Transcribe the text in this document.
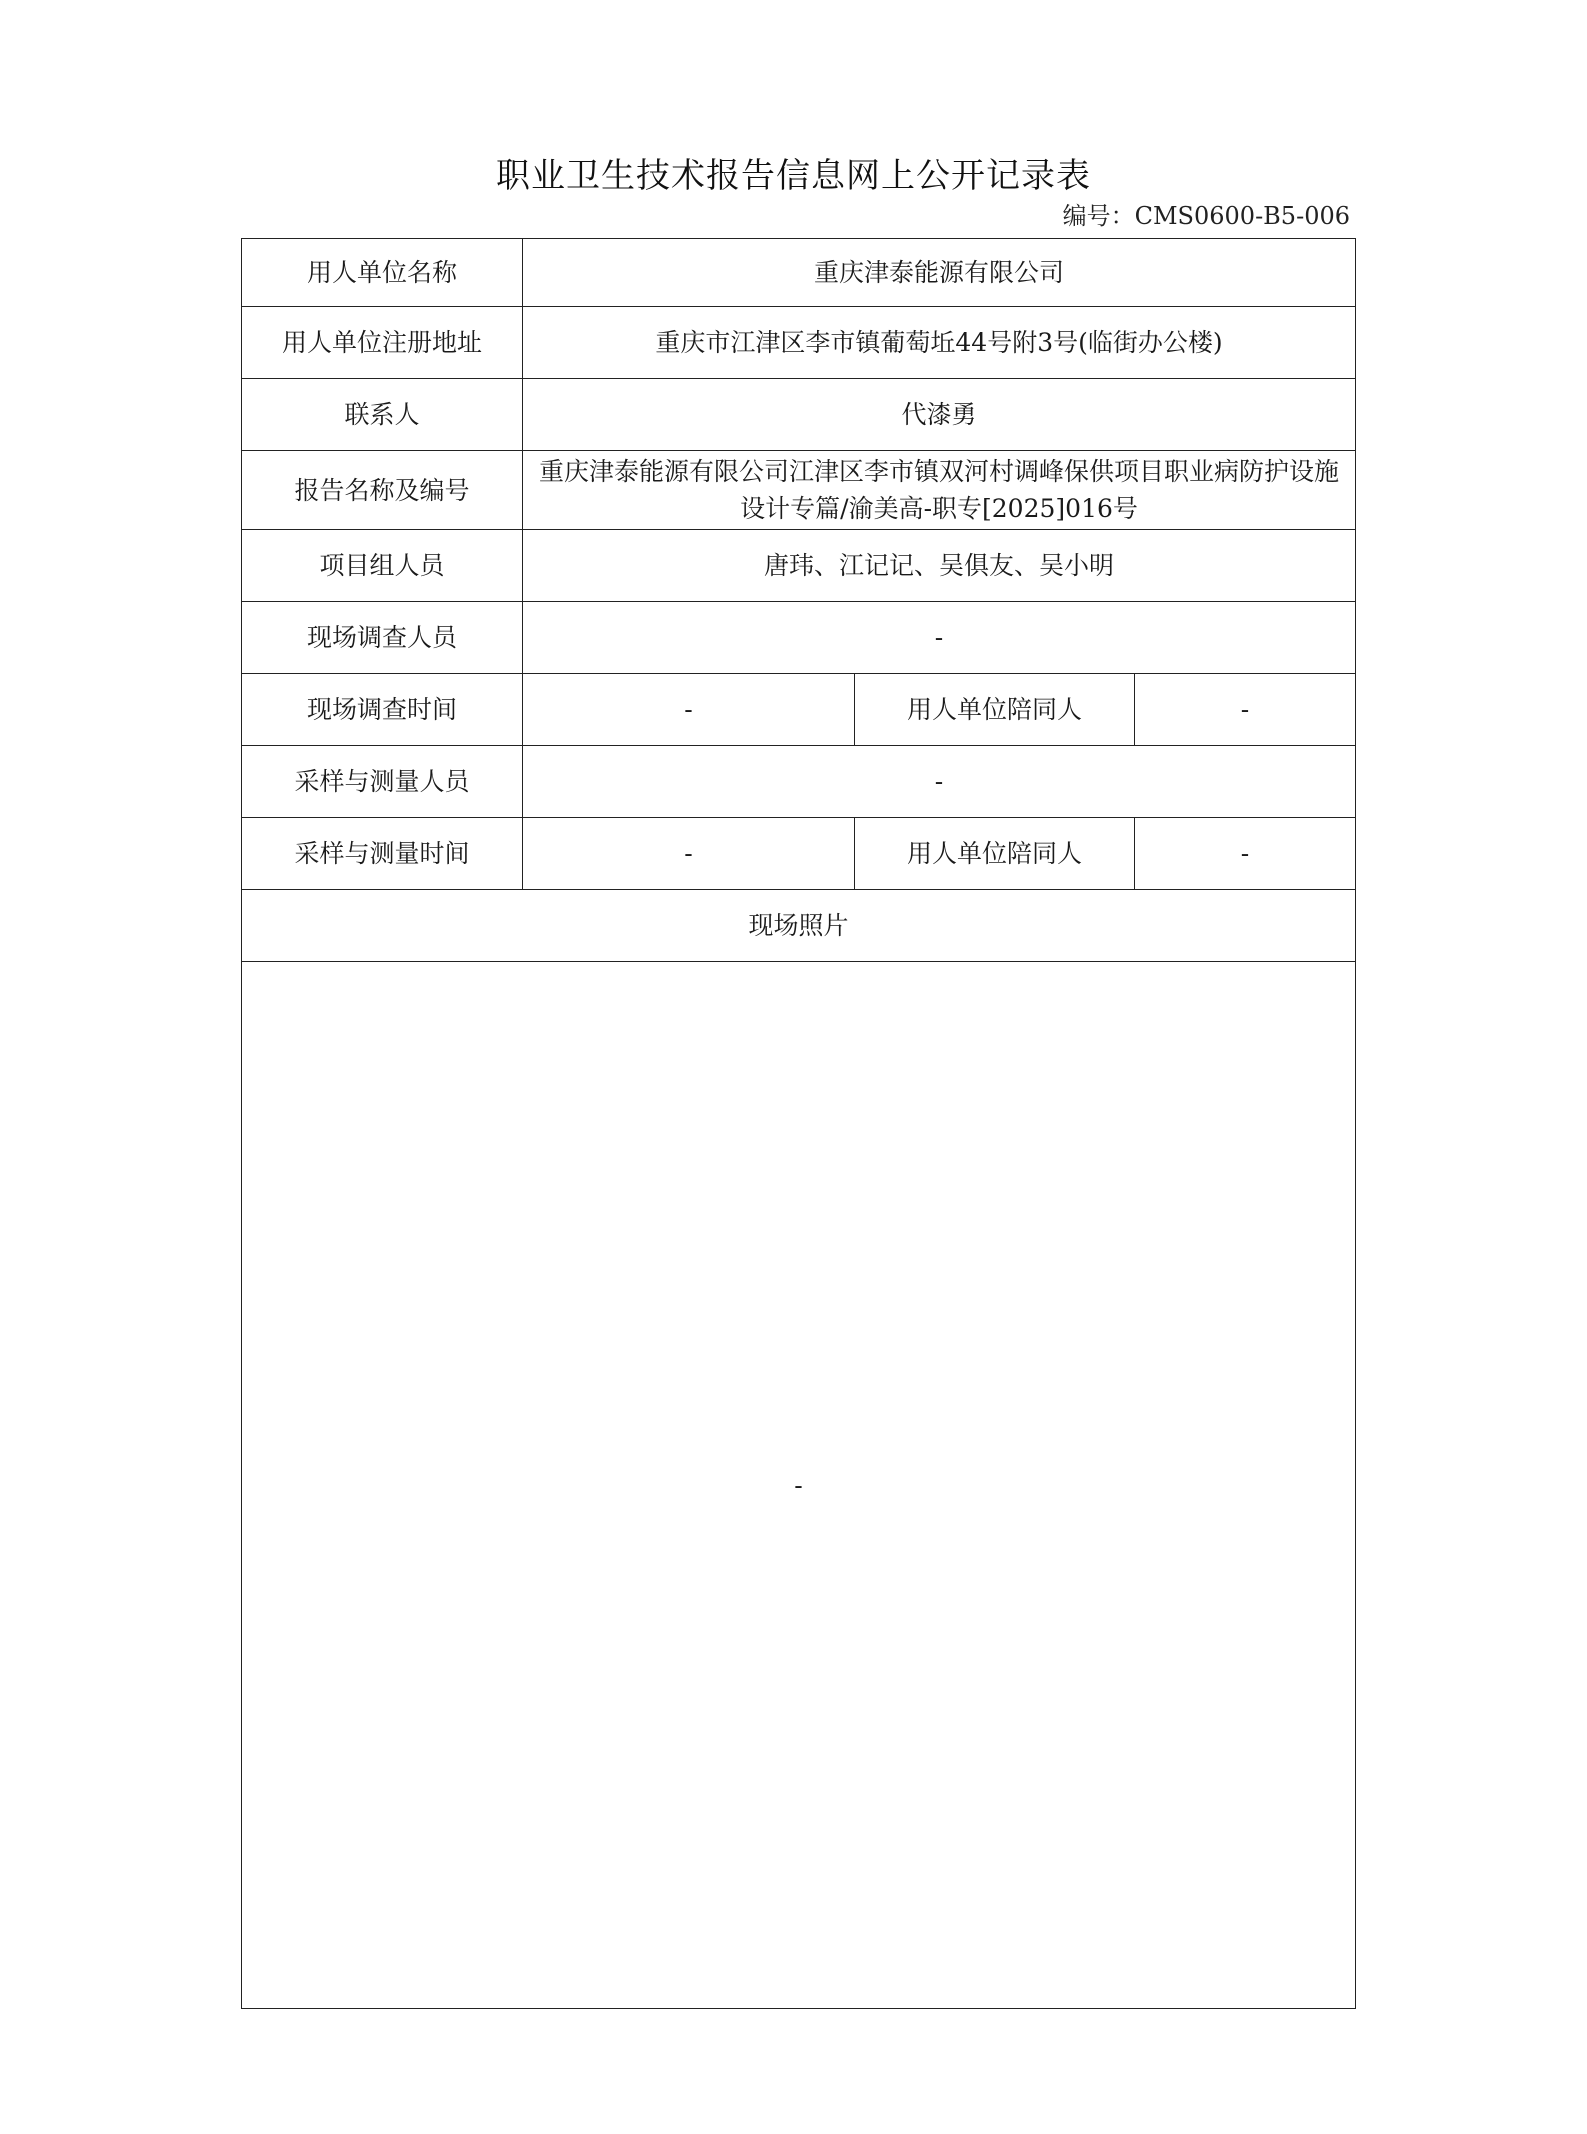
职业卫生技术报告信息网上公开记录表
编号：CMS0600-B5-006
用人单位名称	重庆津泰能源有限公司		
用人单位注册地址	重庆市江津区李市镇葡萄坵44号附3号(临街办公楼)		
联系人	代漆勇		
报告名称及编号	重庆津泰能源有限公司江津区李市镇双河村调峰保供项目职业病防护设施设计专篇/渝美高-职专[2025]016号		
项目组人员	唐玮、江记记、吴俱友、吴小明		
现场调查人员	-		
现场调查时间	-	用人单位陪同人	-
采样与测量人员	-		
采样与测量时间	-	用人单位陪同人	-
现场照片			
-			
